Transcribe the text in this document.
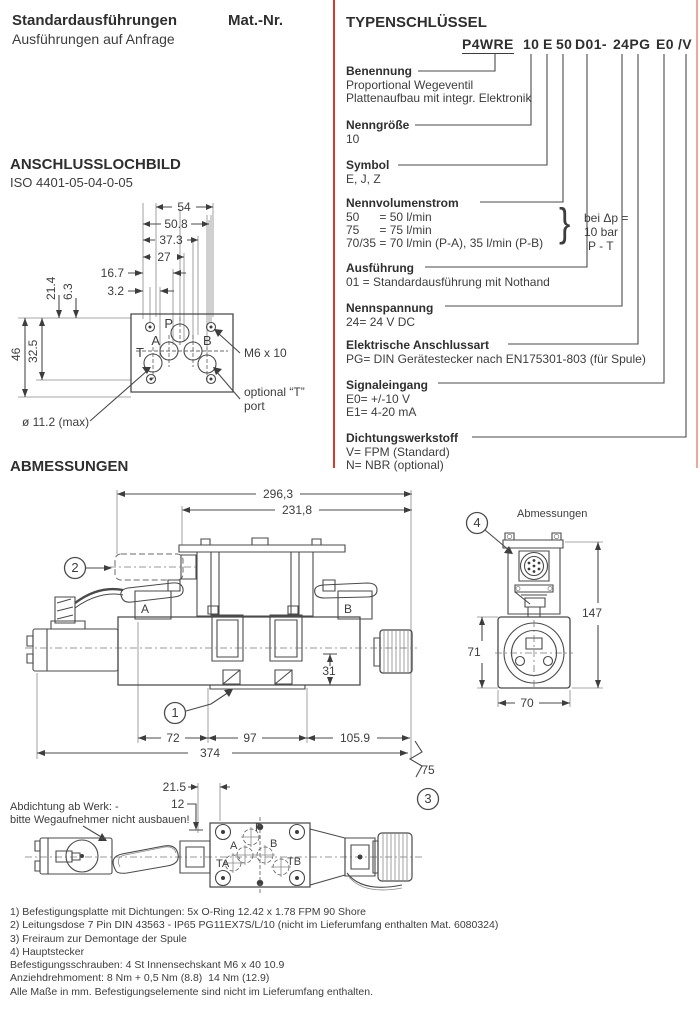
Standardausführungen	Mat.-Nr.
Ausführungen auf Anfrage
TYPENSCHLÜSSEL
P4WRE 10 E 50 D01- 24PG E0 /V
Benennung
Proportional Wegeventil
Plattenaufbau mit integr. Elektronik
Nenngröße
10
Symbol
E, J, Z
Nennvolumenstrom
50      = 50 l/min
75      = 75 l/min
70/35 = 70 l/min (P-A), 35 l/min (P-B) } bei Δp =
10 bar
P - T
Ausführung
01 = Standardausführung mit Nothand
Nennspannung
24= 24 V DC
Elektrische Anschlussart
PG= DIN Gerätestecker nach EN175301-803 (für Spule)
Signaleingang
E0= +/-10 V
E1= 4-20 mA
Dichtungswerkstoff
V= FPM (Standard)
N= NBR (optional)
ANSCHLUSSLOCHBILD
ISO 4401-05-04-0-05
54
50.8
37.3
27
16.7
3.2
46 32.5
21.4 6.3
P
A	B
T	M6 x 10
optional “T”
port
ø 11.2 (max)
ABMESSUNGEN
296,3
231,8
2
A	B
31
1
72	97	105.9
374
75
3
4
Abmessungen
147
71
70
21.5
12
Abdichtung ab Werk: -
bitte Wegaufnehmer nicht ausbauen!
P
A	B
TA	TB
1) Befestigungsplatte mit Dichtungen: 5x O-Ring 12.42 x 1.78 FPM 90 Shore
2) Leitungsdose 7 Pin DIN 43563 - IP65 PG11EX7S/L/10 (nicht im Lieferumfang enthalten Mat. 6080324)
3) Freiraum zur Demontage der Spule
4) Hauptstecker
Befestigungsschrauben: 4 St Innensechskant M6 x 40 10.9
Anziehdrehmoment: 8 Nm + 0,5 Nm (8.8)  14 Nm (12.9)
Alle Maße in mm. Befestigungselemente sind nicht im Lieferumfang enthalten.
